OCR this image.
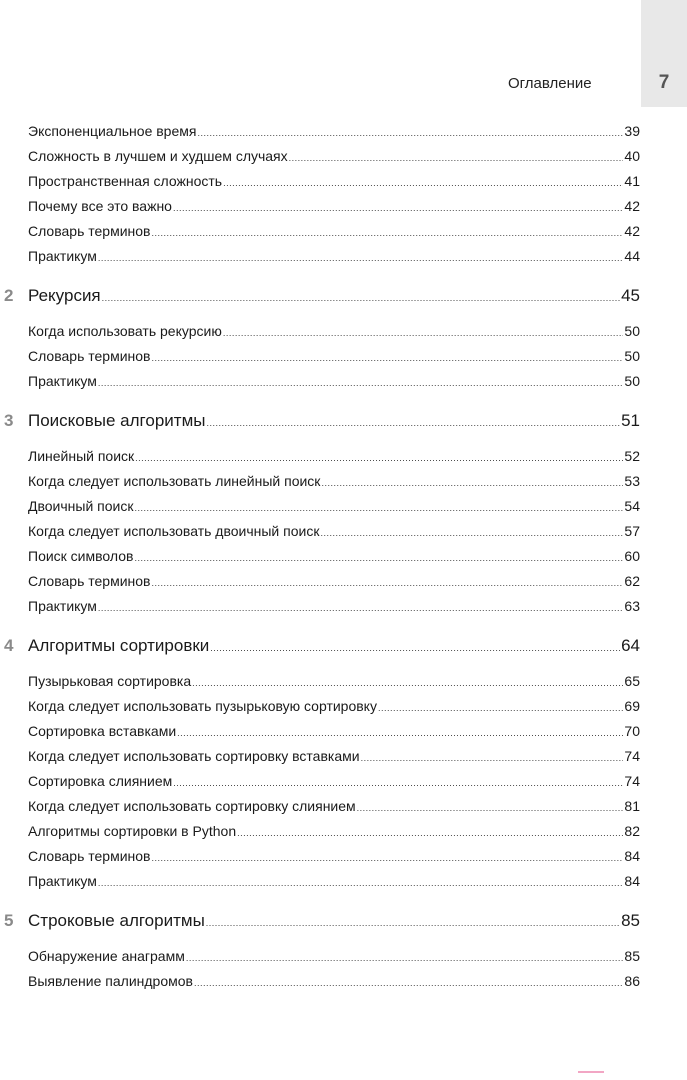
7
Оглавление
Экспоненциальное время .....	39
Сложность в лучшем и худшем случаях .....	40
Пространственная сложность .....	41
Почему все это важно .....	42
Словарь терминов .....	42
Практикум .....	44
2 Рекурсия .....	45
Когда использовать рекурсию .....	50
Словарь терминов .....	50
Практикум .....	50
3 Поисковые алгоритмы .....	51
Линейный поиск .....	52
Когда следует использовать линейный поиск .....	53
Двоичный поиск .....	54
Когда следует использовать двоичный поиск .....	57
Поиск символов .....	60
Словарь терминов .....	62
Практикум .....	63
4 Алгоритмы сортировки .....	64
Пузырьковая сортировка .....	65
Когда следует использовать пузырьковую сортировку .....	69
Сортировка вставками .....	70
Когда следует использовать сортировку вставками .....	74
Сортировка слиянием .....	74
Когда следует использовать сортировку слиянием .....	81
Алгоритмы сортировки в Python .....	82
Словарь терминов .....	84
Практикум .....	84
5 Строковые алгоритмы .....	85
Обнаружение анаграмм .....	85
Выявление палиндромов .....	86
